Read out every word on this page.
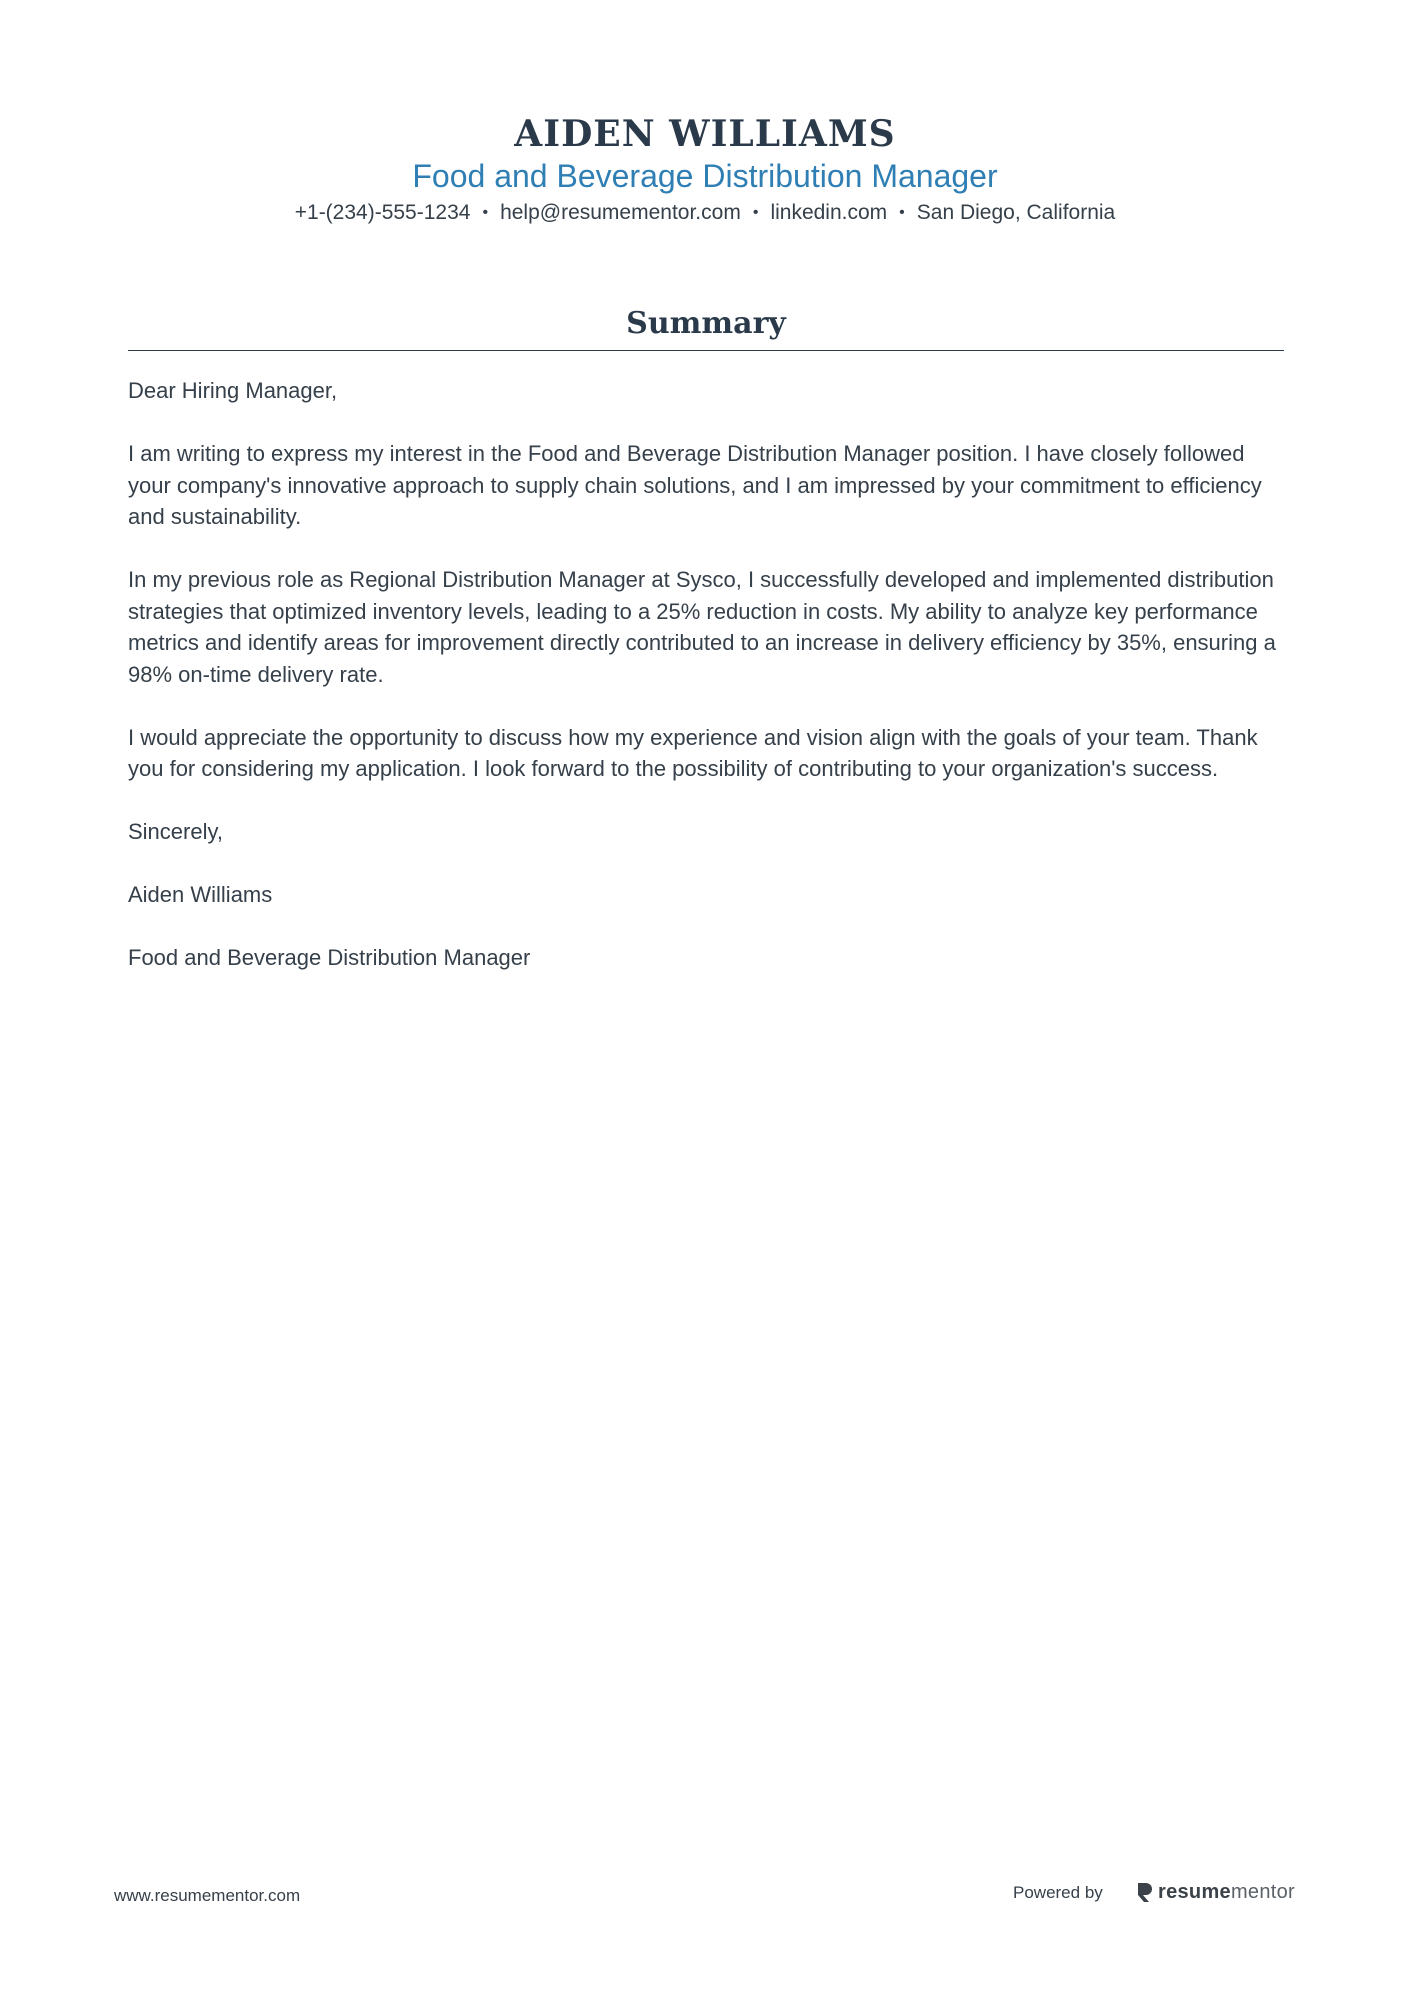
AIDEN WILLIAMS
Food and Beverage Distribution Manager
+1-(234)-555-1234 • help@resumementor.com • linkedin.com • San Diego, California
Summary

Dear Hiring Manager,

I am writing to express my interest in the Food and Beverage Distribution Manager position. I have closely followed your company's innovative approach to supply chain solutions, and I am impressed by your commitment to efficiency and sustainability.

In my previous role as Regional Distribution Manager at Sysco, I successfully developed and implemented distribution strategies that optimized inventory levels, leading to a 25% reduction in costs. My ability to analyze key performance metrics and identify areas for improvement directly contributed to an increase in delivery efficiency by 35%, ensuring a 98% on-time delivery rate.

I would appreciate the opportunity to discuss how my experience and vision align with the goals of your team. Thank you for considering my application. I look forward to the possibility of contributing to your organization's success.

Sincerely,

Aiden Williams

Food and Beverage Distribution Manager

www.resumementor.com	Powered by	resumementor
